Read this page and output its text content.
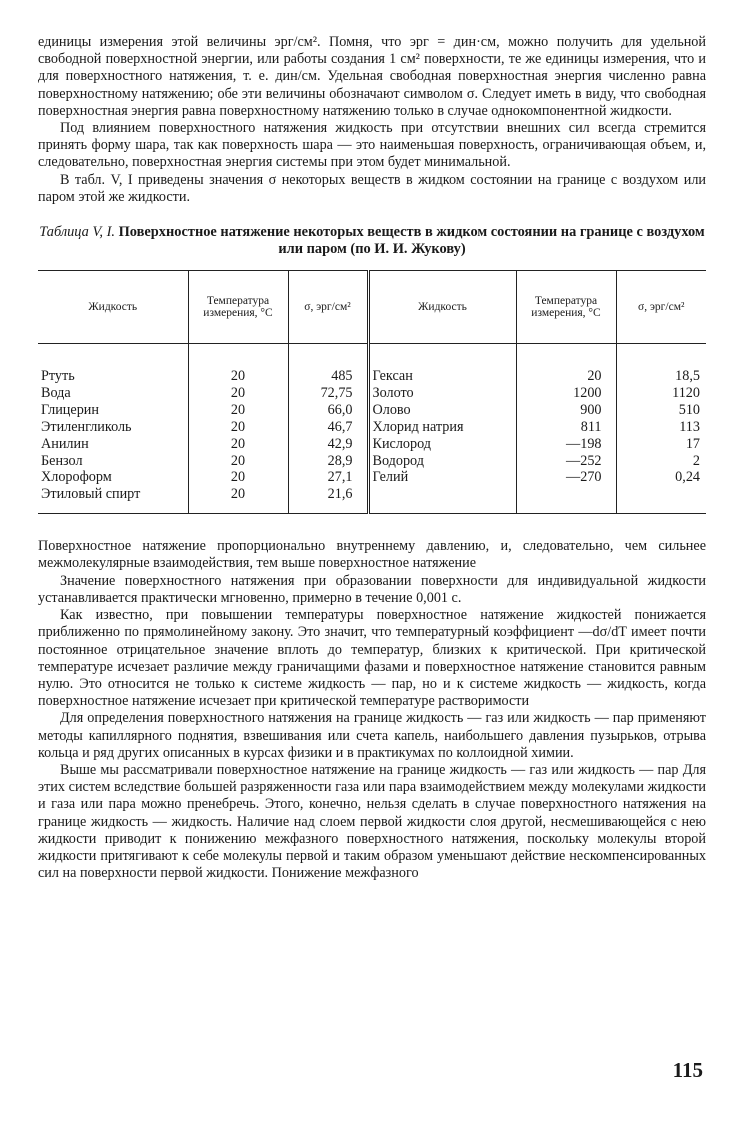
единицы измерения этой величины эрг/см². Помня, что эрг = дин·см, можно получить для удельной свободной поверхностной энергии, или работы создания 1 см² поверхности, те же единицы измерения, что и для поверхностного натяжения, т. е. дин/см. Удельная свободная поверхностная энергия численно равна поверхностному натяжению; обе эти величины обозначают символом σ. Следует иметь в виду, что свободная поверхностная энергия равна поверхностному натяжению только в случае однокомпонентной жидкости.

Под влиянием поверхностного натяжения жидкость при отсутствии внешних сил всегда стремится принять форму шара, так как поверхность шара — это наименьшая поверхность, ограничивающая объем, и, следовательно, поверхностная энергия системы при этом будет минимальной.

В табл. V, I приведены значения σ некоторых веществ в жидком состоянии на границе с воздухом или паром этой же жидкости.

Таблица V, I. Поверхностное натяжение некоторых веществ в жидком состоянии на границе с воздухом или паром (по И. И. Жукову)
Жидкость	Температура измерения, °С	σ, эрг/см²	Жидкость	Температура измерения, °С	σ, эрг/см²
Ртуть	20	485	Гексан	20	18,5
Вода	20	72,75	Золото	1200	1120
Глицерин	20	66,0	Олово	900	510
Этиленгликоль	20	46,7	Хлорид натрия	811	113
Анилин	20	42,9	Кислород	—198	17
Бензол	20	28,9	Водород	—252	2
Хлороформ	20	27,1	Гелий	—270	0,24
Этиловый спирт	20	21,6			

Поверхностное натяжение пропорционально внутреннему давлению, и, следовательно, чем сильнее межмолекулярные взаимодействия, тем выше поверхностное натяжение

Значение поверхностного натяжения при образовании поверхности для индивидуальной жидкости устанавливается практически мгновенно, примерно в течение 0,001 с.

Как известно, при повышении температуры поверхностное натяжение жидкостей понижается приближенно по прямолинейному закону. Это значит, что температурный коэффициент —dσ/dT имеет почти постоянное отрицательное значение вплоть до температур, близких к критической. При критической температуре исчезает различие между граничащими фазами и поверхностное натяжение становится равным нулю. Это относится не только к системе жидкость — пар, но и к системе жидкость — жидкость, когда поверхностное натяжение исчезает при критической температуре растворимости

Для определения поверхностного натяжения на границе жидкость — газ или жидкость — пар применяют методы капиллярного поднятия, взвешивания или счета капель, наибольшего давления пузырьков, отрыва кольца и ряд других описанных в курсах физики и в практикумах по коллоидной химии.

Выше мы рассматривали поверхностное натяжение на границе жидкость — газ или жидкость — пар Для этих систем вследствие большей разряженности газа или пара взаимодействием между молекулами жидкости и газа или пара можно пренебречь. Этого, конечно, нельзя сделать в случае поверхностного натяжения на границе жидкость — жидкость. Наличие над слоем первой жидкости слоя другой, несмешивающейся с нею жидкости приводит к понижению межфазного поверхностного натяжения, поскольку молекулы второй жидкости притягивают к себе молекулы первой и таким образом уменьшают действие нескомпенсированных сил на поверхности первой жидкости. Понижение межфазного

115
